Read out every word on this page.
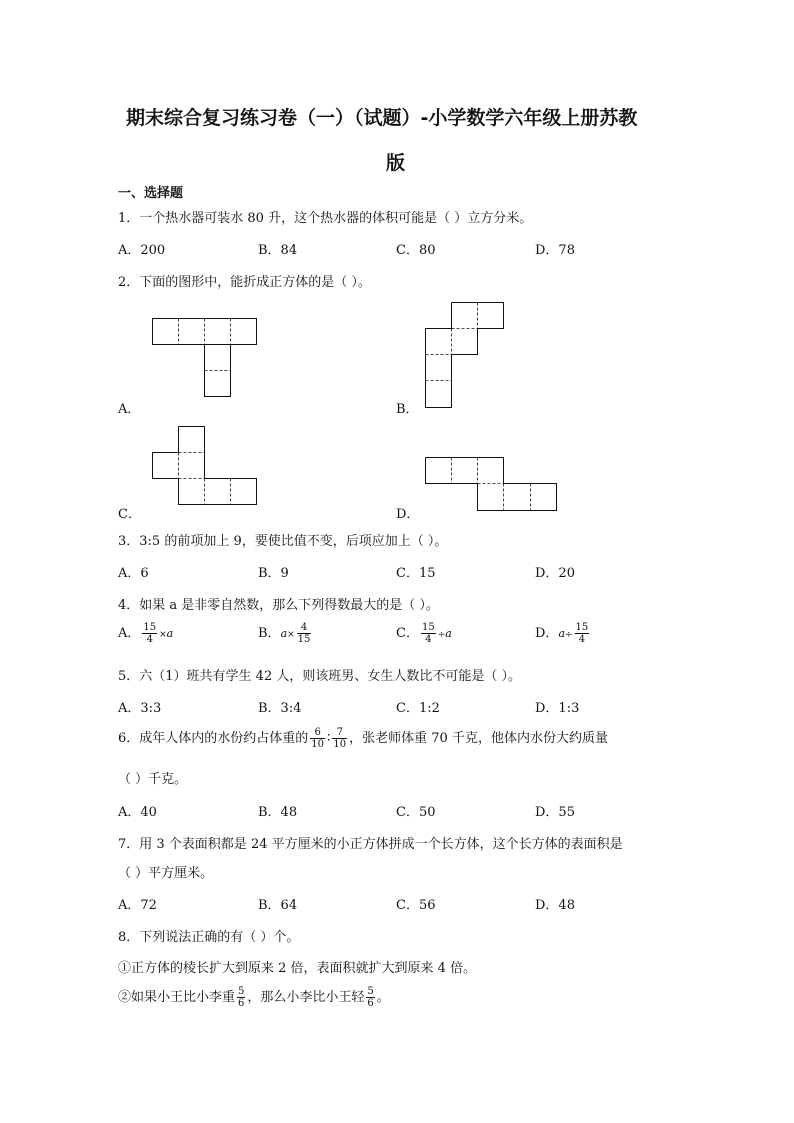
期末综合复习练习卷（一）（试题）-小学数学六年级上册苏教
版
一、选择题
1．一个热水器可装水 80 升，这个热水器的体积可能是（ ）立方分米。
A．200	B．84	C．80	D．78
2．下面的图形中，能折成正方体的是（ ）。
A．	B．
C．	D．
3．3:5 的前项加上 9，要使比值不变，后项应加上（ ）。
A．6	B．9	C．15	D．20
4．如果 a 是非零自然数，那么下列得数最大的是（ ）。
A． $\frac{15}{4} \times a$	B．$a\times \frac{4}{15}$	C． $\frac{15}{4} \div a$	D．$a\div \frac{15}{4}$
5．六（1）班共有学生 42 人，则该班男、女生人数比不可能是（ ）。
A．3:3	B．3:4	C．1:2	D．1:3
6．成年人体内的水份约占体重的 $\frac{6}{10}$ ∶ $\frac{7}{10}$ ，张老师体重 70 千克，他体内水份大约质量
（ ）千克。
A．40	B．48	C．50	D．55
7．用 3 个表面积都是 24 平方厘米的小正方体拼成一个长方体，这个长方体的表面积是
（ ）平方厘米。
A．72	B．64	C．56	D．48
8．下列说法正确的有（ ）个。
①正方体的棱长扩大到原来 2 倍，表面积就扩大到原来 4 倍。
②如果小王比小李重 $\frac{5}{6}$ ，那么小李比小王轻 $\frac{5}{6}$ 。
